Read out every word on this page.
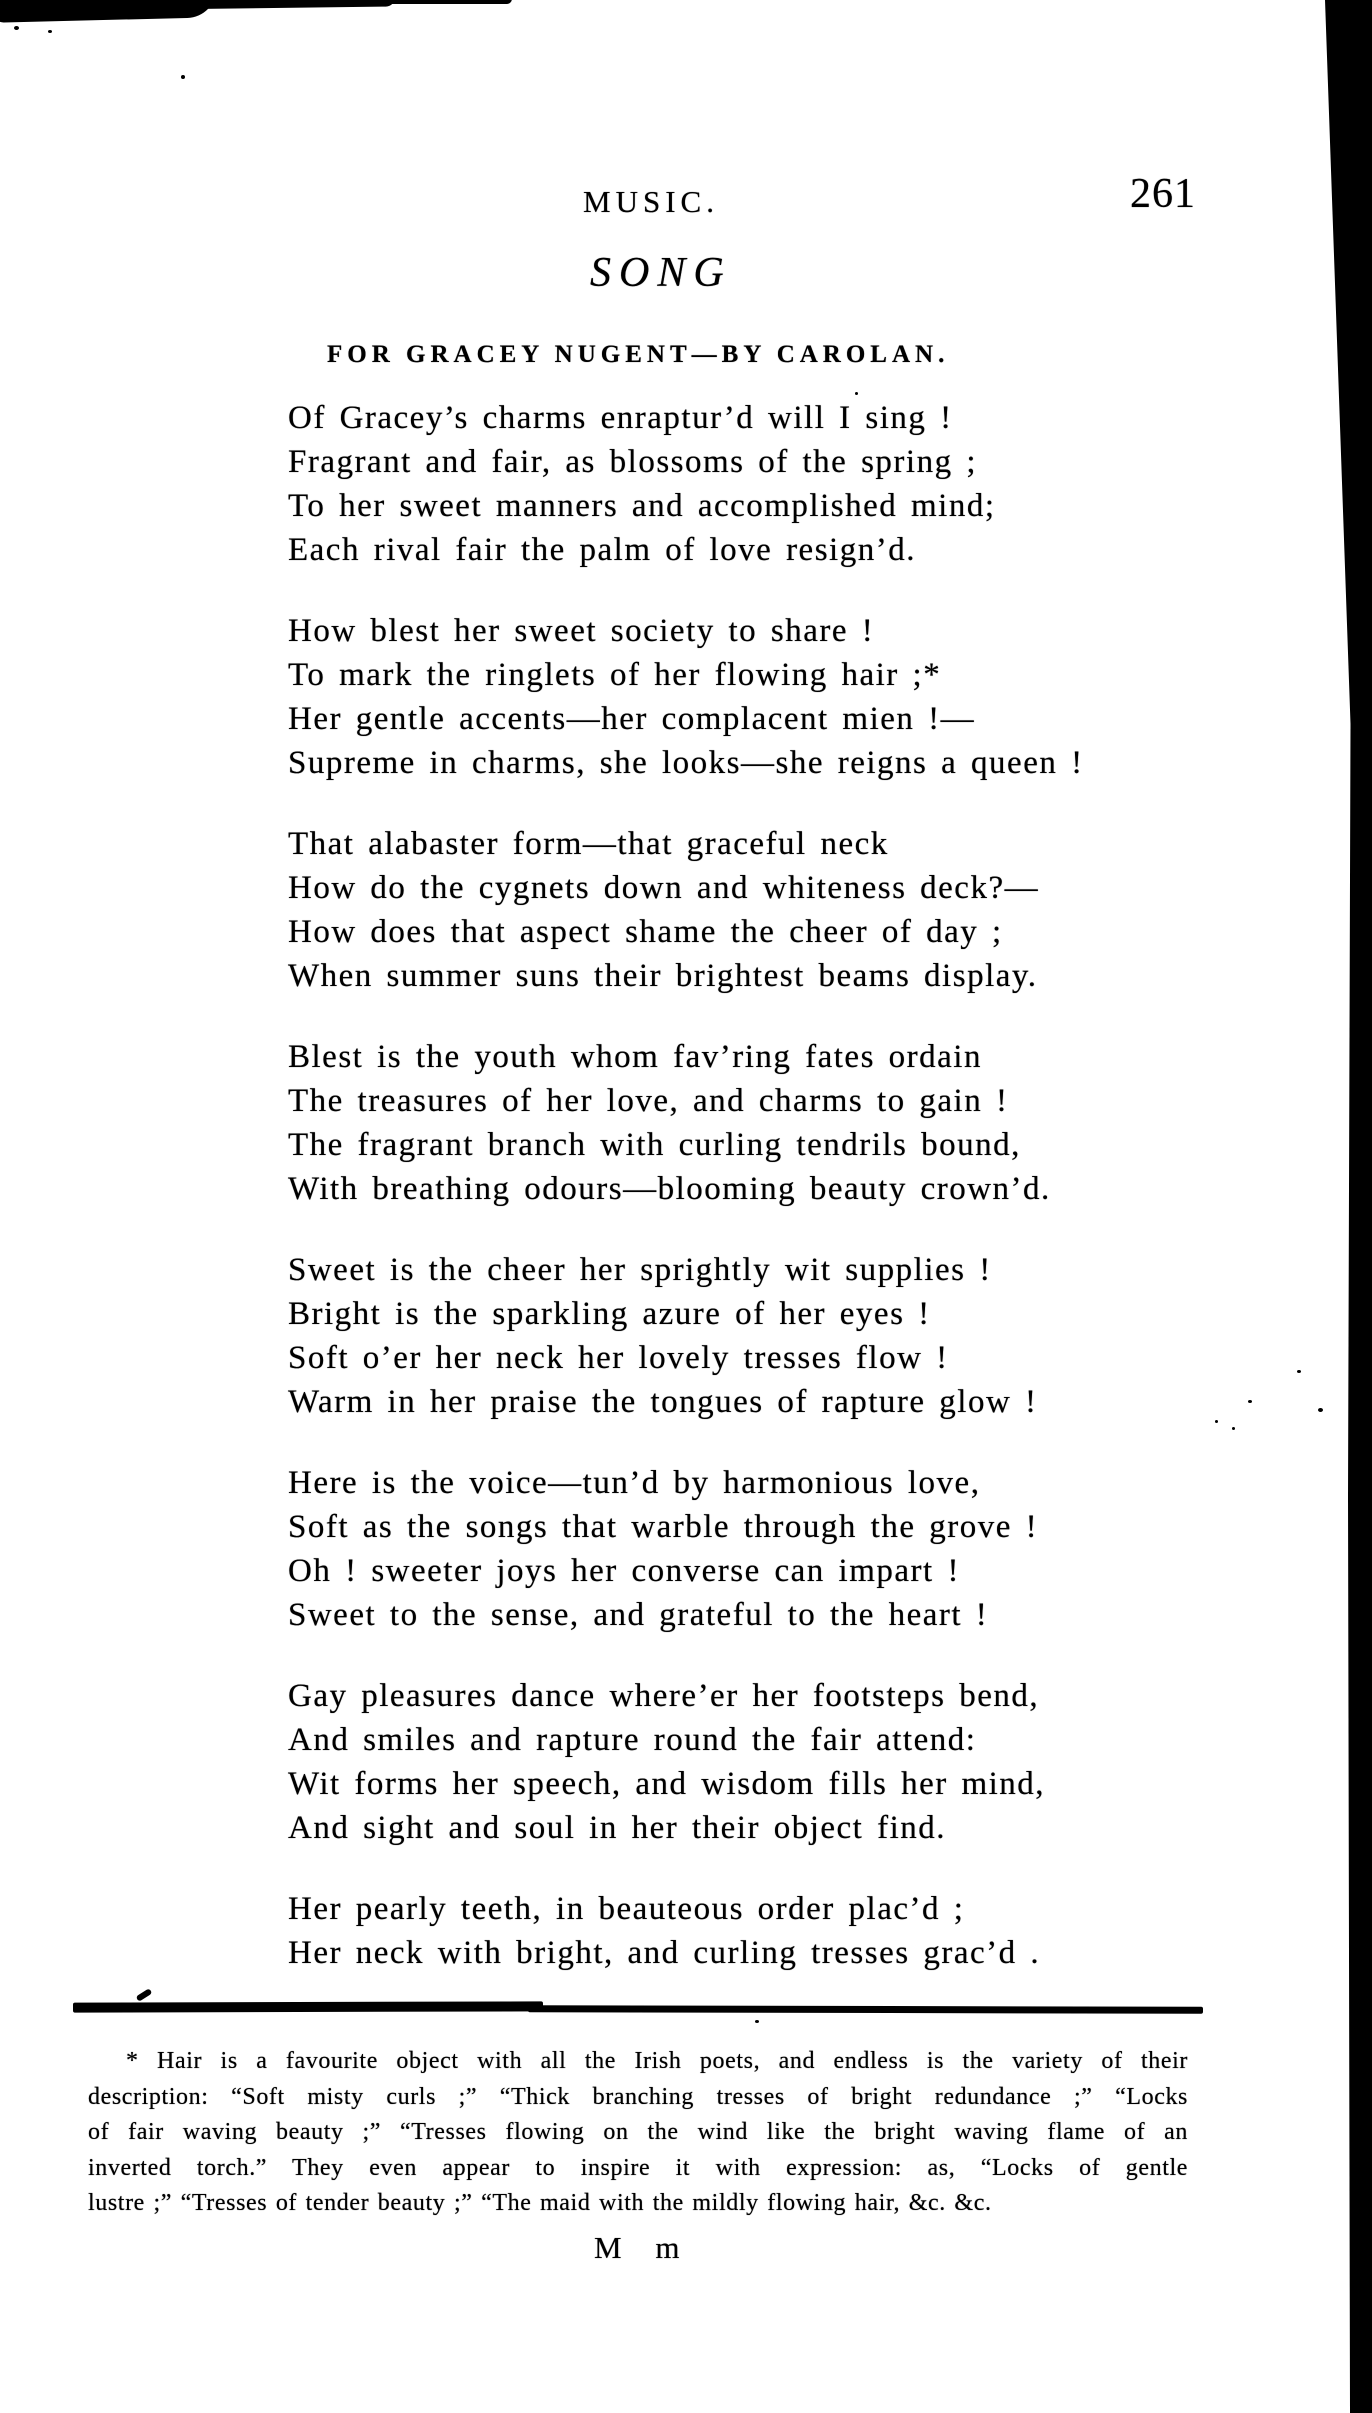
MUSIC.	261
SONG
FOR GRACEY NUGENT—BY CAROLAN.
Of Gracey’s charms enraptur’d will I sing !
Fragrant and fair, as blossoms of the spring ;
To her sweet manners and accomplished mind;
Each rival fair the palm of love resign’d.
How blest her sweet society to share !
To mark the ringlets of her flowing hair ;*
Her gentle accents—her complacent mien !—
Supreme in charms, she looks—she reigns a queen !
That alabaster form—that graceful neck
How do the cygnets down and whiteness deck?—
How does that aspect shame the cheer of day ;
When summer suns their brightest beams display.
Blest is the youth whom fav’ring fates ordain
The treasures of her love, and charms to gain !
The fragrant branch with curling tendrils bound,
With breathing odours—blooming beauty crown’d.
Sweet is the cheer her sprightly wit supplies !
Bright is the sparkling azure of her eyes !
Soft o’er her neck her lovely tresses flow !
Warm in her praise the tongues of rapture glow !
Here is the voice—tun’d by harmonious love,
Soft as the songs that warble through the grove !
Oh ! sweeter joys her converse can impart !
Sweet to the sense, and grateful to the heart !
Gay pleasures dance where’er her footsteps bend,
And smiles and rapture round the fair attend:
Wit forms her speech, and wisdom fills her mind,
And sight and soul in her their object find.
Her pearly teeth, in beauteous order plac’d ;
Her neck with bright, and curling tresses grac’d .
* Hair is a favourite object with all the Irish poets, and endless is the variety of their
description: “Soft misty curls ;” “Thick branching tresses of bright redundance ;” “Locks
of fair waving beauty ;” “Tresses flowing on the wind like the bright waving flame of an
inverted torch.” They even appear to inspire it with expression: as, “Locks of gentle
lustre ;” “Tresses of tender beauty ;” “The maid with the mildly flowing hair, &c. &c.
M m
